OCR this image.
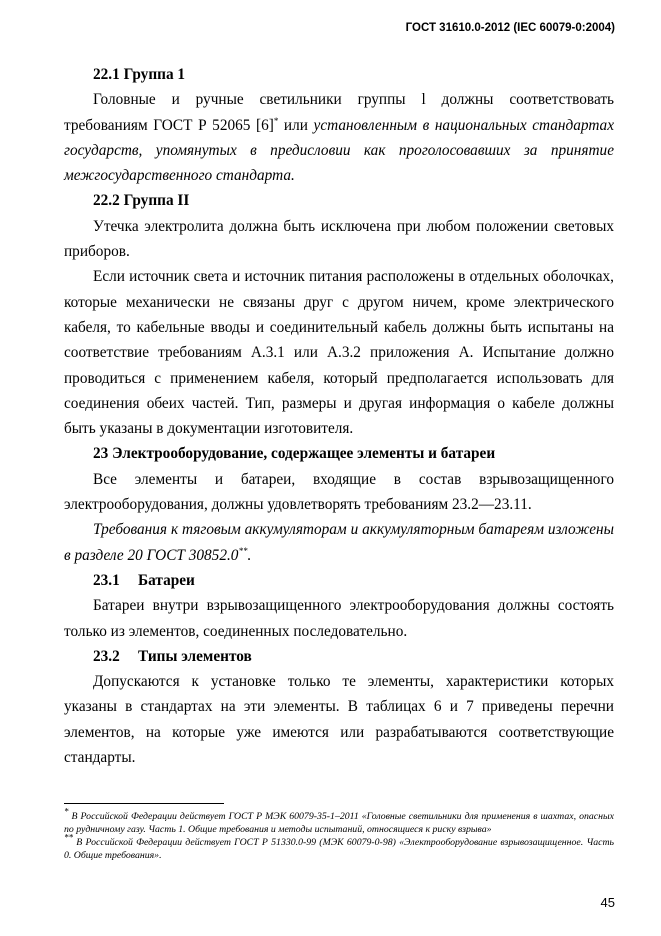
ГОСТ 31610.0-2012 (IEC 60079-0:2004)
22.1 Группа 1

Головные и ручные светильники группы l должны соответствовать требованиям ГОСТ Р 52065 [6]* или установленным в национальных стандартах государств, упомянутых в предисловии как проголосовавших за принятие межгосударственного стандарта.

22.2 Группа II

Утечка электролита должна быть исключена при любом положении световых приборов.

Если источник света и источник питания расположены в отдельных оболочках, которые механически не связаны друг с другом ничем, кроме электрического кабеля, то кабельные вводы и соединительный кабель должны быть испытаны на соответствие требованиям А.3.1 или А.3.2 приложения А. Испытание должно проводиться с применением кабеля, который предполагается использовать для соединения обеих частей. Тип, размеры и другая информация о кабеле должны быть указаны в документации изготовителя.

23 Электрооборудование, содержащее элементы и батареи

Все элементы и батареи, входящие в состав взрывозащищенного электрооборудования, должны удовлетворять требованиям 23.2—23.11.

Требования к тяговым аккумуляторам и аккумуляторным батареям изложены в разделе 20 ГОСТ 30852.0**.

23.1 Батареи

Батареи внутри взрывозащищенного электрооборудования должны состоять только из элементов, соединенных последовательно.

23.2 Типы элементов

Допускаются к установке только те элементы, характеристики которых указаны в стандартах на эти элементы. В таблицах 6 и 7 приведены перечни элементов, на которые уже имеются или разрабатываются соответствующие стандарты.

* В Российской Федерации действует ГОСТ Р МЭК 60079-35-1–2011 «Головные светильники для применения в шахтах, опасных по рудничному газу. Часть 1. Общие требования и методы испытаний, относящиеся к риску взрыва»

** В Российской Федерации действует ГОСТ Р 51330.0-99 (МЭК 60079-0-98) «Электрооборудование взрывозащищенное. Часть 0. Общие требования».

45
